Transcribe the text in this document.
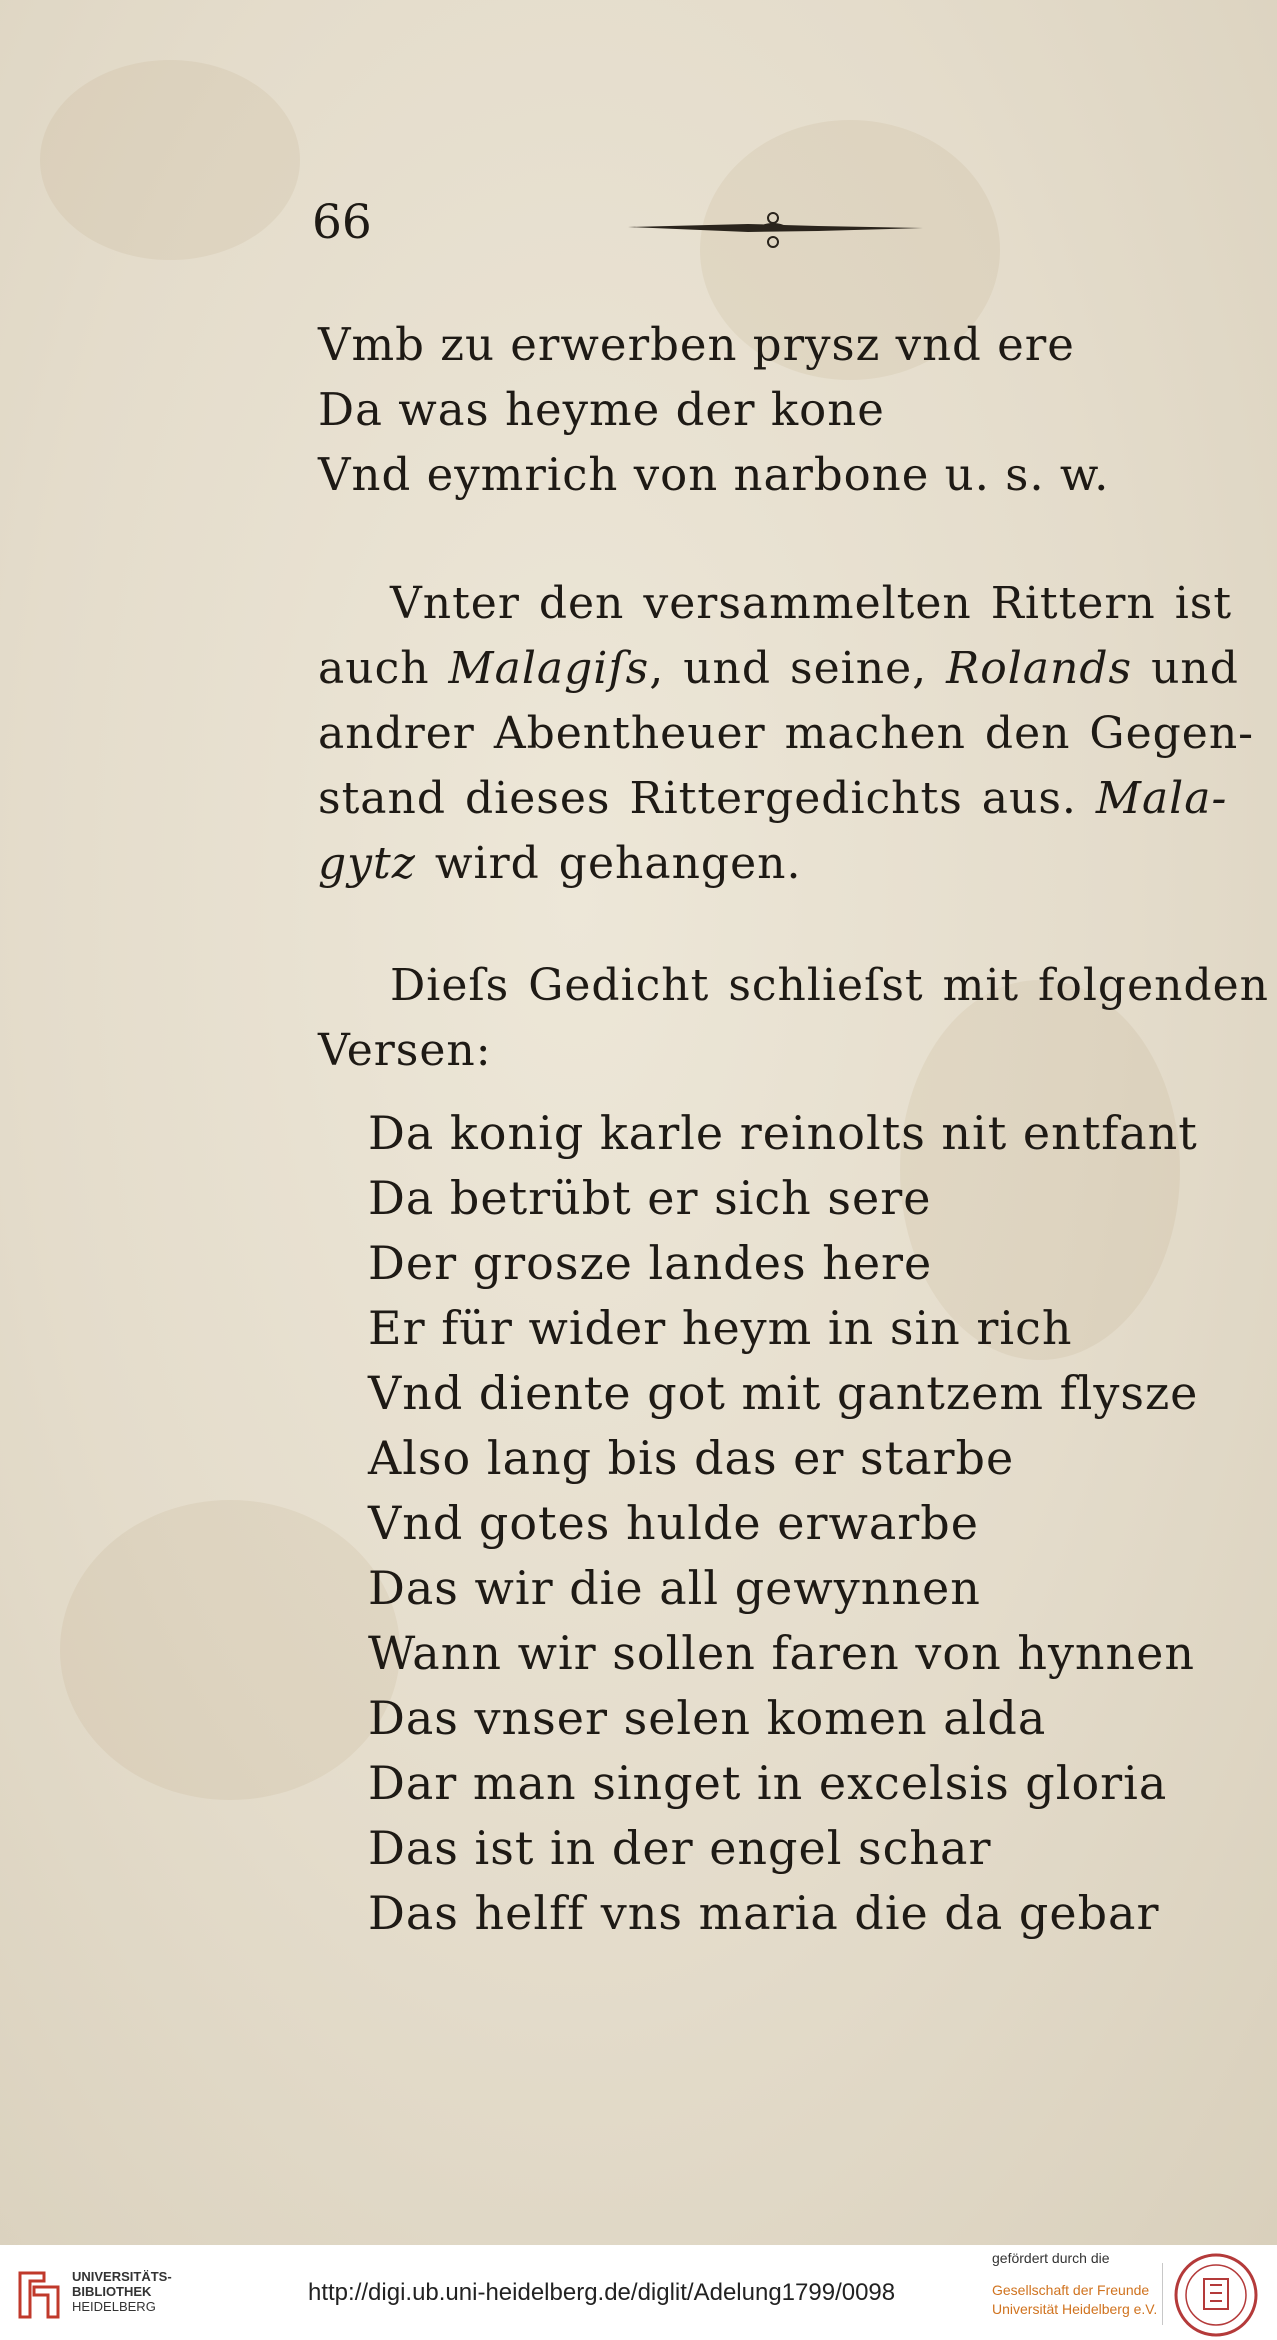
66
Vmb zu erwerben prysz vnd ere
Da was heyme der kone
Vnd eymrich von narbone u. s. w.
Vnter den versammelten Rittern ist
auch Malagiſs, und seine, Rolands und
andrer Abentheuer machen den Gegen-
stand dieses Rittergedichts aus. Mala-
gytz wird gehangen.
Dieſs Gedicht schlieſst mit folgenden
Versen:
Da konig karle reinolts nit entfant
Da betrübt er sich sere
Der grosze landes here
Er für wider heym in sin rich
Vnd diente got mit gantzem flysze
Also lang bis das er starbe
Vnd gotes hulde erwarbe
Das wir die all gewynnen
Wann wir sollen faren von hynnen
Das vnser selen komen alda
Dar man singet in excelsis gloria
Das ist in der engel schar
Das helff vns maria die da gebar
UNIVERSITÄTS-
BIBLIOTHEK
HEIDELBERG
http://digi.ub.uni-heidelberg.de/diglit/Adelung1799/0098
gefördert durch die
Gesellschaft der Freunde
Universität Heidelberg e.V.
